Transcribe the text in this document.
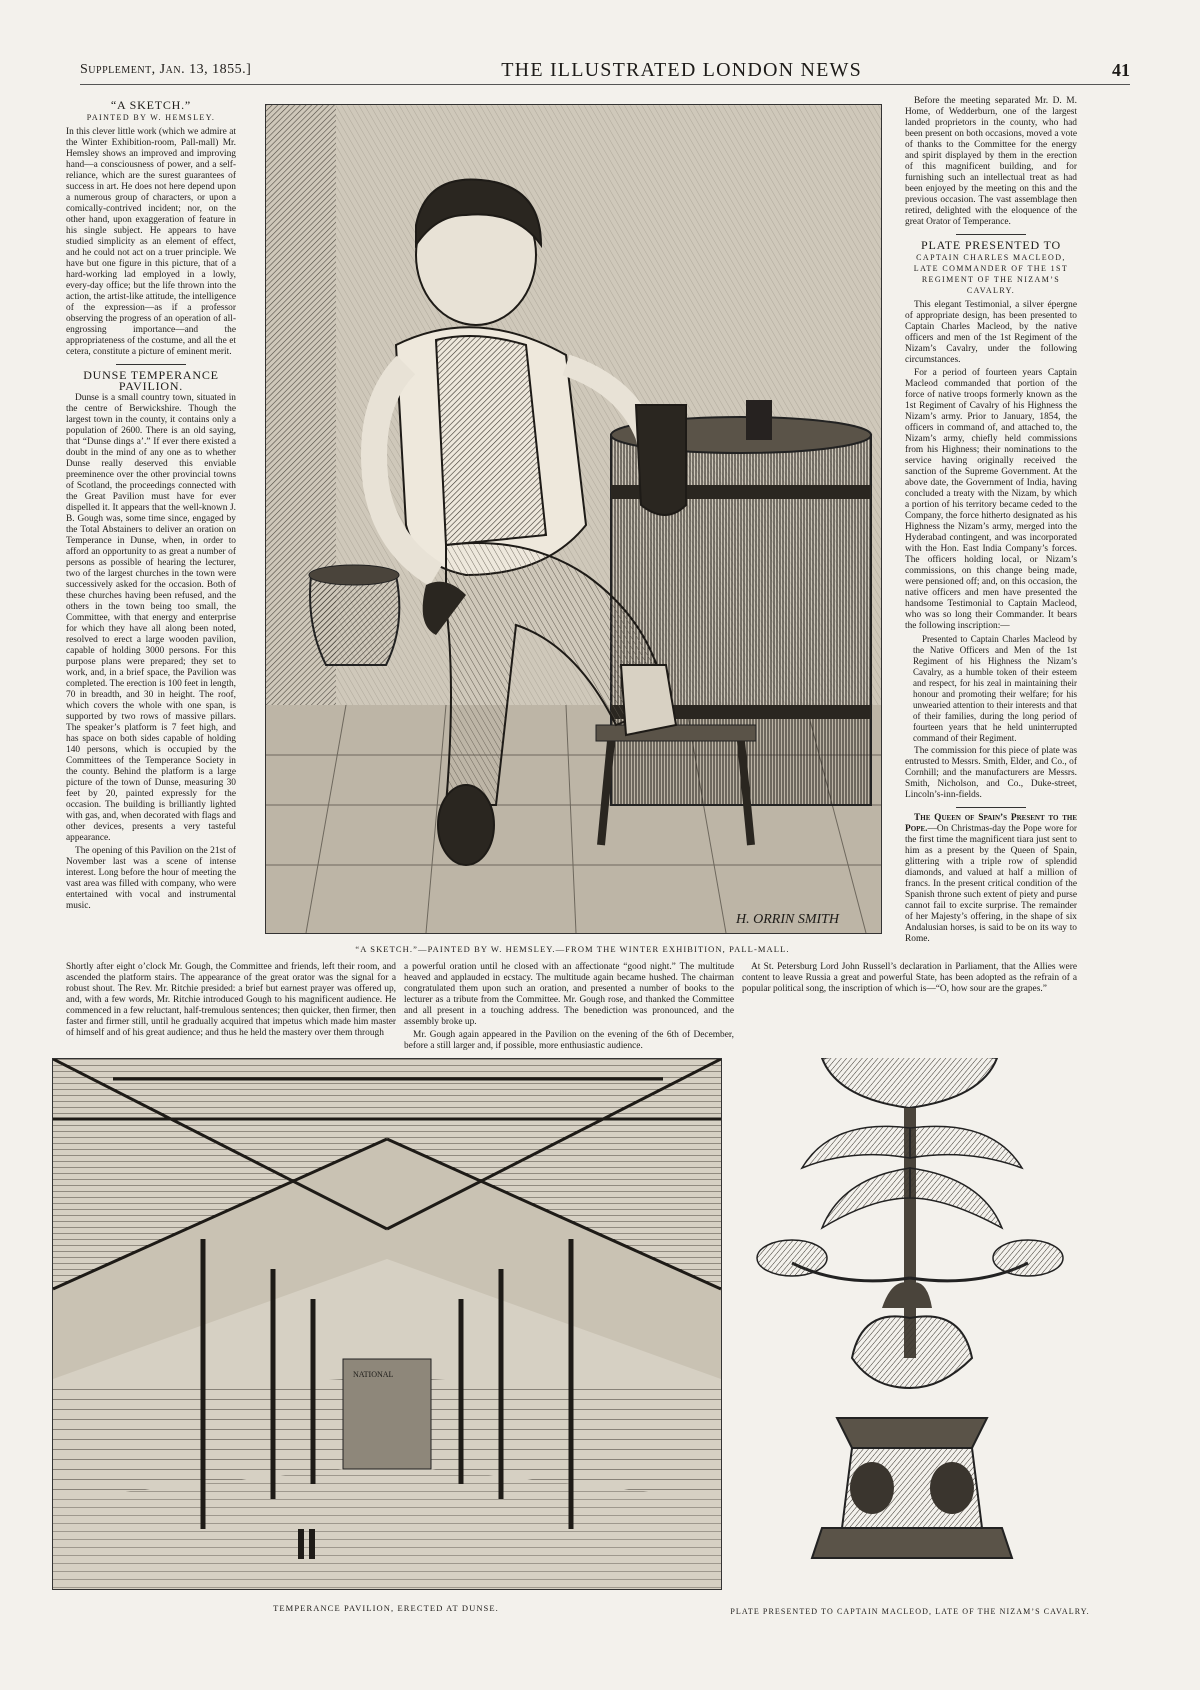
Supplement, Jan. 13, 1855.]	THE ILLUSTRATED LONDON NEWS	41
“A SKETCH.”
PAINTED BY W. HEMSLEY.

In this clever little work (which we admire at the Winter Exhibition-room, Pall-mall) Mr. Hemsley shows an improved and improving hand—a consciousness of power, and a self-reliance, which are the surest guarantees of success in art. He does not here depend upon a numerous group of characters, or upon a comically-contrived incident; nor, on the other hand, upon exaggeration of feature in his single subject. He appears to have studied simplicity as an element of effect, and he could not act on a truer principle. We have but one figure in this picture, that of a hard-working lad employed in a lowly, every-day office; but the life thrown into the action, the artist-like attitude, the intelligence of the expression—as if a professor observing the progress of an operation of all-engrossing importance—and the appropriateness of the costume, and all the et cetera, constitute a picture of eminent merit.

DUNSE TEMPERANCE PAVILION.

Dunse is a small country town, situated in the centre of Berwickshire. Though the largest town in the county, it contains only a population of 2600. There is an old saying, that “Dunse dings a’.” If ever there existed a doubt in the mind of any one as to whether Dunse really deserved this enviable preeminence over the other provincial towns of Scotland, the proceedings connected with the Great Pavilion must have for ever dispelled it. It appears that the well-known J. B. Gough was, some time since, engaged by the Total Abstainers to deliver an oration on Temperance in Dunse, when, in order to afford an opportunity to as great a number of persons as possible of hearing the lecturer, two of the largest churches in the town were successively asked for the occasion. Both of these churches having been refused, and the others in the town being too small, the Committee, with that energy and enterprise for which they have all along been noted, resolved to erect a large wooden pavilion, capable of holding 3000 persons. For this purpose plans were prepared; they set to work, and, in a brief space, the Pavilion was completed. The erection is 100 feet in length, 70 in breadth, and 30 in height. The roof, which covers the whole with one span, is supported by two rows of massive pillars. The speaker’s platform is 7 feet high, and has space on both sides capable of holding 140 persons, which is occupied by the Committees of the Temperance Society in the county. Behind the platform is a large picture of the town of Dunse, measuring 30 feet by 20, painted expressly for the occasion. The building is brilliantly lighted with gas, and, when decorated with flags and other devices, presents a very tasteful appearance.

The opening of this Pavilion on the 21st of November last was a scene of intense interest. Long before the hour of meeting the vast area was filled with company, who were entertained with vocal and instrumental music.

H. ORRIN SMITH
“A SKETCH.”—PAINTED BY W. HEMSLEY.—FROM THE WINTER EXHIBITION, PALL-MALL.

Before the meeting separated Mr. D. M. Home, of Wedderburn, one of the largest landed proprietors in the county, who had been present on both occasions, moved a vote of thanks to the Committee for the energy and spirit displayed by them in the erection of this magnificent building, and for furnishing such an intellectual treat as had been enjoyed by the meeting on this and the previous occasion. The vast assemblage then retired, delighted with the eloquence of the great Orator of Temperance.

PLATE PRESENTED TO
CAPTAIN CHARLES MACLEOD, LATE COMMANDER OF THE 1ST REGIMENT OF THE NIZAM’S CAVALRY.

This elegant Testimonial, a silver épergne of appropriate design, has been presented to Captain Charles Macleod, by the native officers and men of the 1st Regiment of the Nizam’s Cavalry, under the following circumstances.

For a period of fourteen years Captain Macleod commanded that portion of the force of native troops formerly known as the 1st Regiment of Cavalry of his Highness the Nizam’s army. Prior to January, 1854, the officers in command of, and attached to, the Nizam’s army, chiefly held commissions from his Highness; their nominations to the service having originally received the sanction of the Supreme Government. At the above date, the Government of India, having concluded a treaty with the Nizam, by which a portion of his territory became ceded to the Company, the force hitherto designated as his Highness the Nizam’s army, merged into the Hyderabad contingent, and was incorporated with the Hon. East India Company’s forces. The officers holding local, or Nizam’s commissions, on this change being made, were pensioned off; and, on this occasion, the native officers and men have presented the handsome Testimonial to Captain Macleod, who was so long their Commander. It bears the following inscription:—

Presented to Captain Charles Macleod by the Native Officers and Men of the 1st Regiment of his Highness the Nizam’s Cavalry, as a humble token of their esteem and respect, for his zeal in maintaining their honour and promoting their welfare; for his unwearied attention to their interests and that of their families, during the long period of fourteen years that he held uninterrupted command of their Regiment.

The commission for this piece of plate was entrusted to Messrs. Smith, Elder, and Co., of Cornhill; and the manufacturers are Messrs. Smith, Nicholson, and Co., Duke-street, Lincoln’s-inn-fields.

The Queen of Spain’s Present to the Pope.—On Christmas-day the Pope wore for the first time the magnificent tiara just sent to him as a present by the Queen of Spain, glittering with a triple row of splendid diamonds, and valued at half a million of francs. In the present critical condition of the Spanish throne such extent of piety and purse cannot fail to excite surprise. The remainder of her Majesty’s offering, in the shape of six Andalusian horses, is said to be on its way to Rome.

Shortly after eight o’clock Mr. Gough, the Committee and friends, left their room, and ascended the platform stairs. The appearance of the great orator was the signal for a robust shout. The Rev. Mr. Ritchie presided: a brief but earnest prayer was offered up, and, with a few words, Mr. Ritchie introduced Gough to his magnificent audience. He commenced in a few reluctant, half-tremulous sentences; then quicker, then firmer, then faster and firmer still, until he gradually acquired that impetus which made him master of himself and of his great audience; and thus he held the mastery over them through

a powerful oration until he closed with an affectionate “good night.” The multitude heaved and applauded in ecstacy. The multitude again became hushed. The chairman congratulated them upon such an oration, and presented a number of books to the lecturer as a tribute from the Committee. Mr. Gough rose, and thanked the Committee and all present in a touching address. The benediction was pronounced, and the assembly broke up.

Mr. Gough again appeared in the Pavilion on the evening of the 6th of December, before a still larger and, if possible, more enthusiastic audience.

At St. Petersburg Lord John Russell’s declaration in Parliament, that the Allies were content to leave Russia a great and powerful State, has been adopted as the refrain of a popular political song, the inscription of which is—“O, how sour are the grapes.”

NATIONAL
TEMPERANCE PAVILION, ERECTED AT DUNSE.	PLATE PRESENTED TO CAPTAIN MACLEOD, LATE OF THE NIZAM’S CAVALRY.
